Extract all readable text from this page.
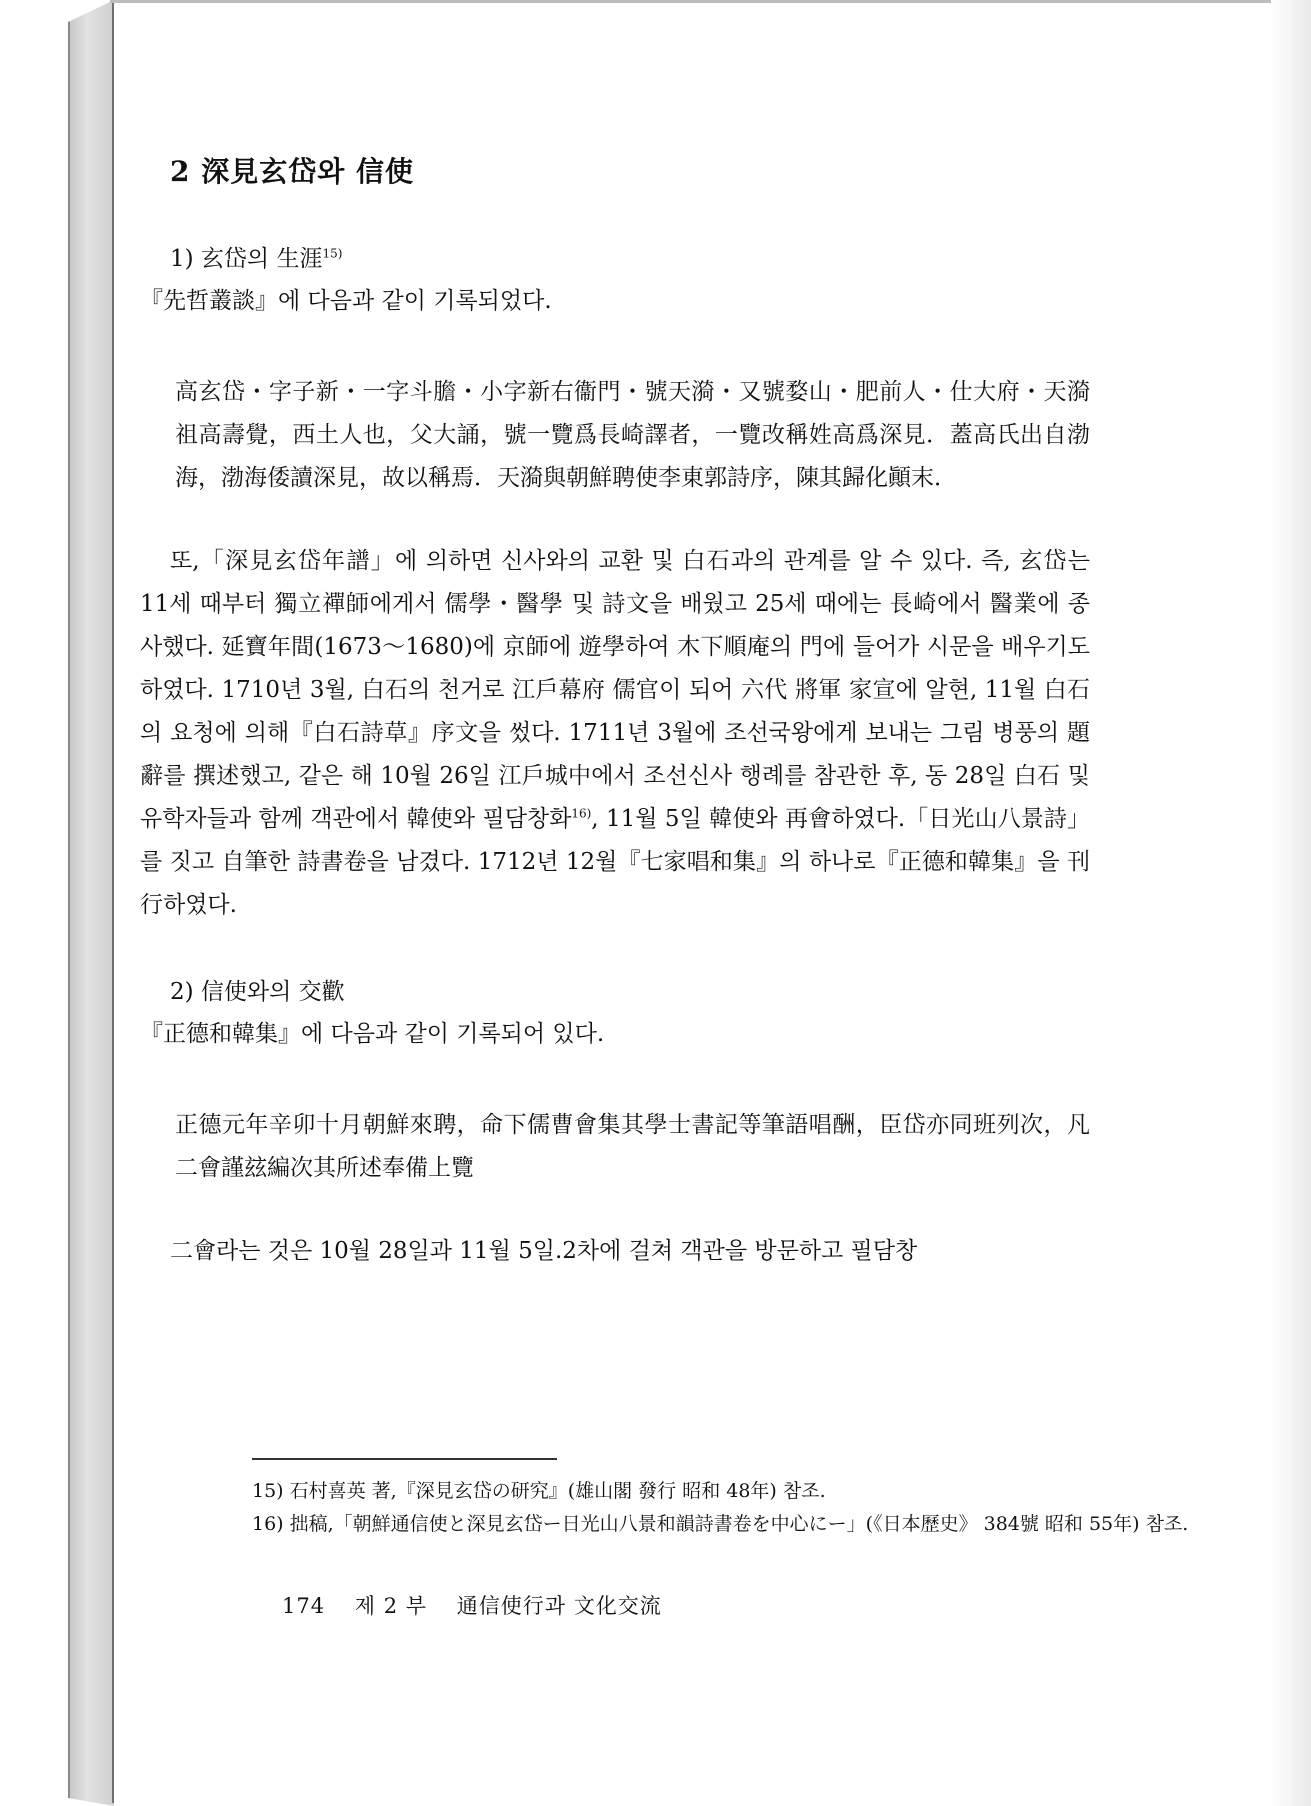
2 深見玄岱와 信使

1) 玄岱의 生涯$^{15)}$

『先哲叢談』에 다음과 같이 기록되었다.

高玄岱・字子新・一字斗膽・小字新右衞門・號天漪・又號婺山・肥前人・仕大府・天漪祖高壽覺，西土人也，父大誦，號一覽爲長崎譯者，一覽改稱姓高爲深見．蓋高氏出自渤海，渤海倭讀深見，故以稱焉．天漪與朝鮮聘使李東郭詩序，陳其歸化顚末．

또,「深見玄岱年譜」에 의하면 신사와의 교환 및 白石과의 관계를 알 수 있다. 즉, 玄岱는 11세 때부터 獨立禪師에게서 儒學・醫學 및 詩文을 배웠고 25세 때에는 長崎에서 醫業에 종사했다. 延寶年間(1673～1680)에 京師에 遊學하여 木下順庵의 門에 들어가 시문을 배우기도 하였다. 1710년 3월, 白石의 천거로 江戶幕府 儒官이 되어 六代 將軍 家宣에 알현, 11월 白石의 요청에 의해『白石詩草』序文을 썼다. 1711년 3월에 조선국왕에게 보내는 그림 병풍의 題辭를 撰述했고, 같은 해 10월 26일 江戶城中에서 조선신사 행례를 참관한 후, 동 28일 白石 및 유학자들과 함께 객관에서 韓使와 필담창화$^{16)}$, 11월 5일 韓使와 再會하였다.「日光山八景詩」를 짓고 自筆한 詩書卷을 남겼다. 1712년 12월『七家唱和集』의 하나로『正德和韓集』을 刊行하였다.

2) 信使와의 交歡

『正德和韓集』에 다음과 같이 기록되어 있다.

正德元年辛卯十月朝鮮來聘，命下儒曹會集其學士書記等筆語唱酬，臣岱亦同班列次，凡二會謹玆編次其所述奉備上覽

二會라는 것은 10월 28일과 11월 5일.2차에 걸쳐 객관을 방문하고 필담창

15) 石村喜英 著,『深見玄岱の研究』(雄山閣 發行 昭和 48年) 참조.

16) 拙稿,「朝鮮通信使と深見玄岱ー日光山八景和韻詩書卷を中心にー」(《日本歷史》 384號 昭和 55年) 참조.

174 제 2 부 通信使行과 文化交流
